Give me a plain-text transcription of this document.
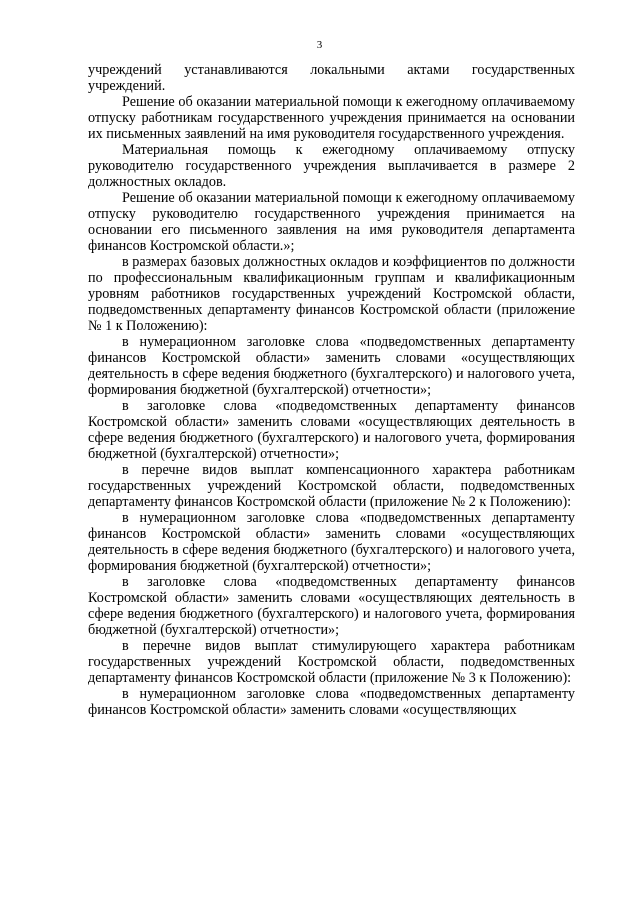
3

учреждений устанавливаются локальными актами государственных учреждений.

Решение об оказании материальной помощи к ежегодному оплачиваемому отпуску работникам государственного учреждения принимается на основании их письменных заявлений на имя руководителя государственного учреждения.

Материальная помощь к ежегодному оплачиваемому отпуску руководителю государственного учреждения выплачивается в размере 2 должностных окладов.

Решение об оказании материальной помощи к ежегодному оплачиваемому отпуску руководителю государственного учреждения принимается на основании его письменного заявления на имя руководителя департамента финансов Костромской области.»;

в размерах базовых должностных окладов и коэффициентов по должности по профессиональным квалификационным группам и квалификационным уровням работников государственных учреждений Костромской области, подведомственных департаменту финансов Костромской области (приложение № 1 к Положению):

в нумерационном заголовке слова «подведомственных департаменту финансов Костромской области» заменить словами «осуществляющих деятельность в сфере ведения бюджетного (бухгалтерского) и налогового учета, формирования бюджетной (бухгалтерской) отчетности»;

в заголовке слова «подведомственных департаменту финансов Костромской области» заменить словами «осуществляющих деятельность в сфере ведения бюджетного (бухгалтерского) и налогового учета, формирования бюджетной (бухгалтерской) отчетности»;

в перечне видов выплат компенсационного характера работникам государственных учреждений Костромской области, подведомственных департаменту финансов Костромской области (приложение № 2 к Положению):

в нумерационном заголовке слова «подведомственных департаменту финансов Костромской области» заменить словами «осуществляющих деятельность в сфере ведения бюджетного (бухгалтерского) и налогового учета, формирования бюджетной (бухгалтерской) отчетности»;

в заголовке слова «подведомственных департаменту финансов Костромской области» заменить словами «осуществляющих деятельность в сфере ведения бюджетного (бухгалтерского) и налогового учета, формирования бюджетной (бухгалтерской) отчетности»;

в перечне видов выплат стимулирующего характера работникам государственных учреждений Костромской области, подведомственных департаменту финансов Костромской области (приложение № 3 к Положению):

в нумерационном заголовке слова «подведомственных департаменту финансов Костромской области» заменить словами «осуществляющих
